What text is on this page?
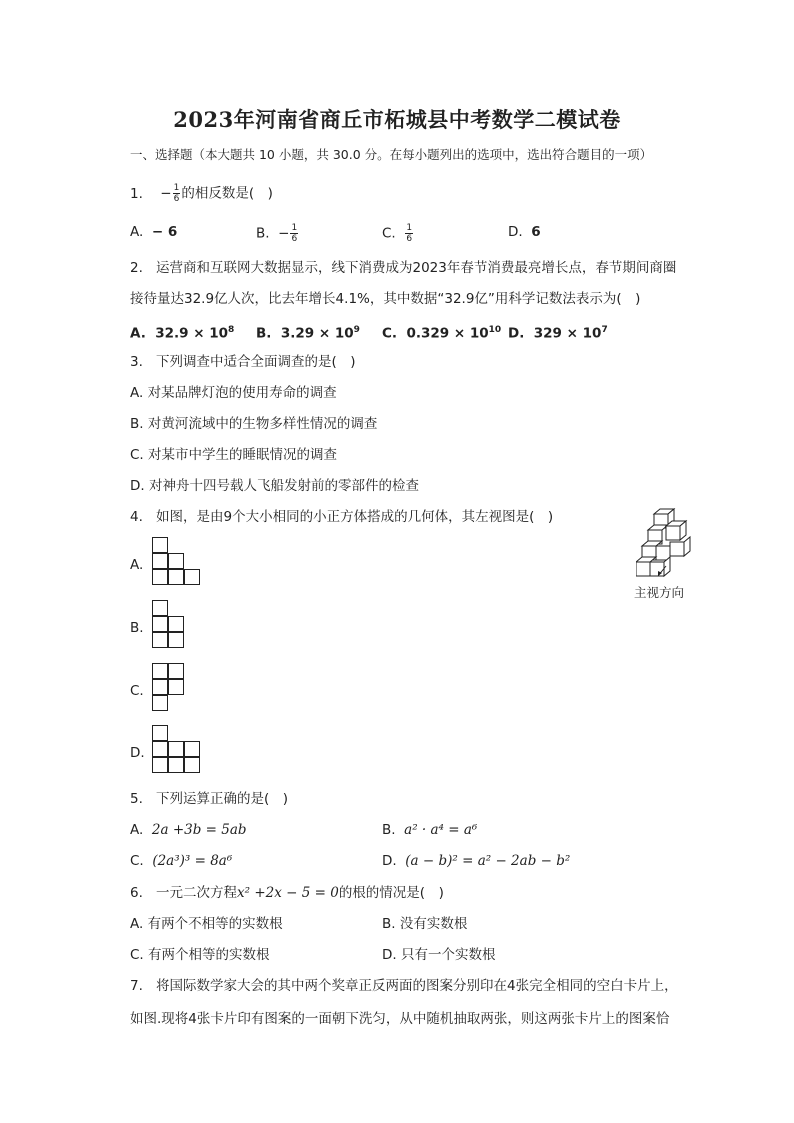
2023年河南省商丘市柘城县中考数学二模试卷
一、选择题（本大题共 10 小题，共 30.0 分。在每小题列出的选项中，选出符合题目的一项）
1. − $\frac{1}{6}$ 的相反数是(　)
A. − 6	B. − $\frac{1}{6}$	C. $\frac{1}{6}$	D. 6
2. 运营商和互联网大数据显示，线下消费成为2023年春节消费最亮增长点，春节期间商圈
接待量达32.9亿人次，比去年增长4.1%，其中数据“32.9亿”用科学记数法表示为(　)
A. $32.9 \times 10^8$ B. $3.29 \times 10^9$ C. $0.329 \times 10^{10}$ D. $329 \times 10^7$
3. 下列调查中适合全面调查的是(　)
A. 对某品牌灯泡的使用寿命的调查
B. 对黄河流域中的生物多样性情况的调查
C. 对某市中学生的睡眠情况的调查
D. 对神舟十四号载人飞船发射前的零部件的检查
4. 如图，是由9个大小相同的小正方体搭成的几何体，其左视图是(　)
主视方向
A.
B.
C.
D.
5. 下列运算正确的是(　)
A. 2a +3b = 5ab	B. a² · a⁴ = a⁶
C. (2a³)³ = 8a⁶	D. (a − b)² = a² − 2ab − b²
6. 一元二次方程x² +2x − 5 = 0的根的情况是(　)
A. 有两个不相等的实数根	B. 没有实数根
C. 有两个相等的实数根	D. 只有一个实数根
7. 将国际数学家大会的其中两个奖章正反两面的图案分别印在4张完全相同的空白卡片上，
如图.现将4张卡片印有图案的一面朝下洗匀，从中随机抽取两张，则这两张卡片上的图案恰
